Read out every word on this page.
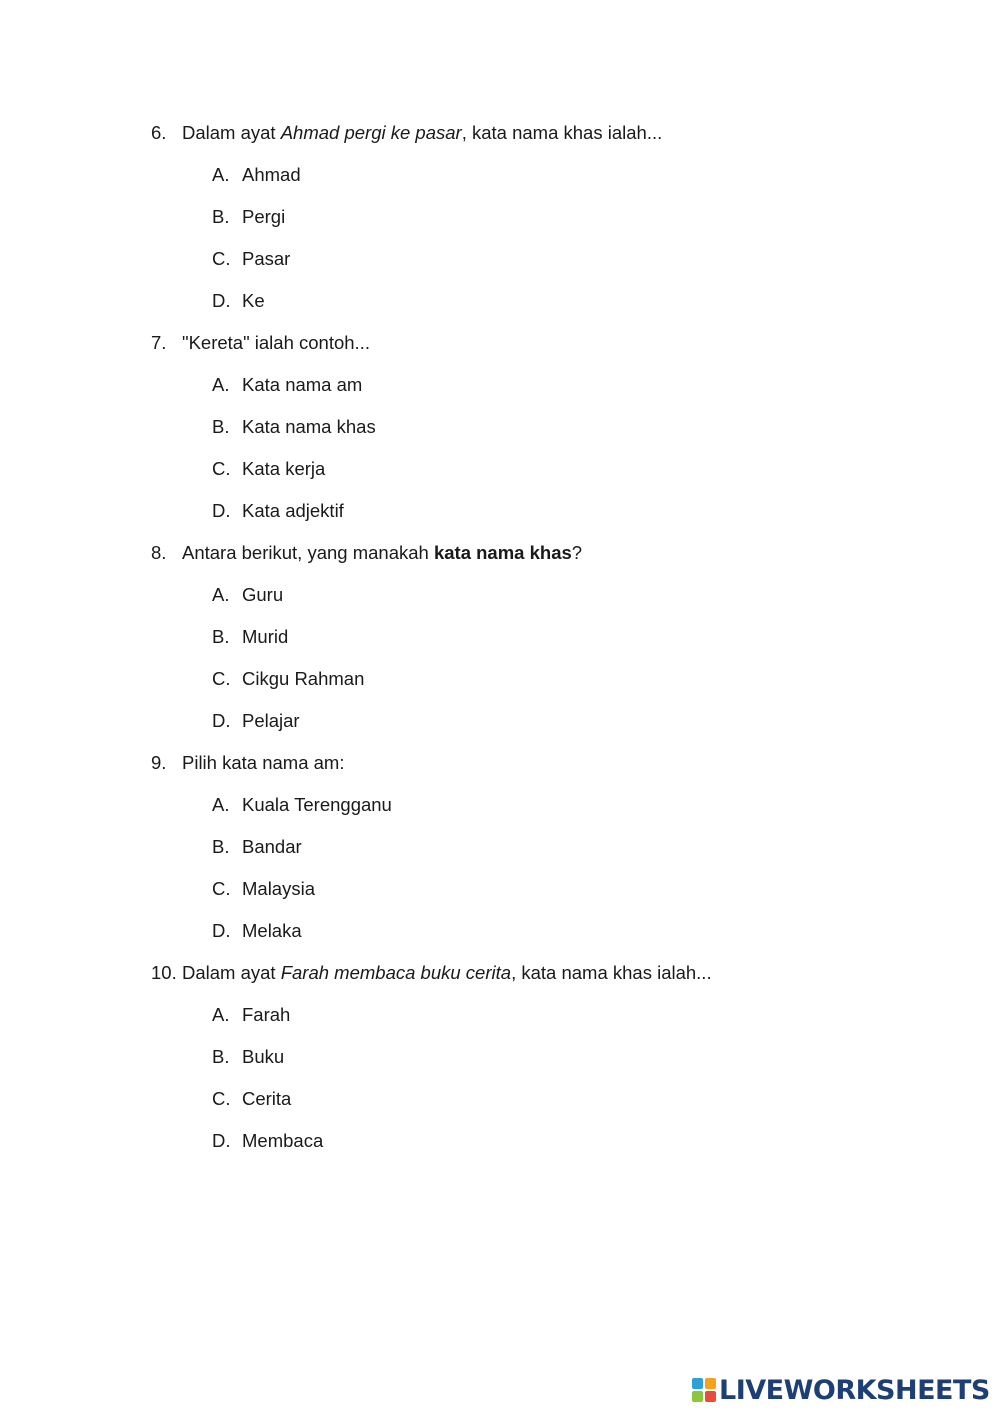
6. Dalam ayat Ahmad pergi ke pasar, kata nama khas ialah...
A. Ahmad
B. Pergi
C. Pasar
D. Ke
7. "Kereta" ialah contoh...
A. Kata nama am
B. Kata nama khas
C. Kata kerja
D. Kata adjektif
8. Antara berikut, yang manakah kata nama khas?
A. Guru
B. Murid
C. Cikgu Rahman
D. Pelajar
9. Pilih kata nama am:
A. Kuala Terengganu
B. Bandar
C. Malaysia
D. Melaka
10. Dalam ayat Farah membaca buku cerita, kata nama khas ialah...
A. Farah
B. Buku
C. Cerita
D. Membaca
LIVEWORKSHEETS
